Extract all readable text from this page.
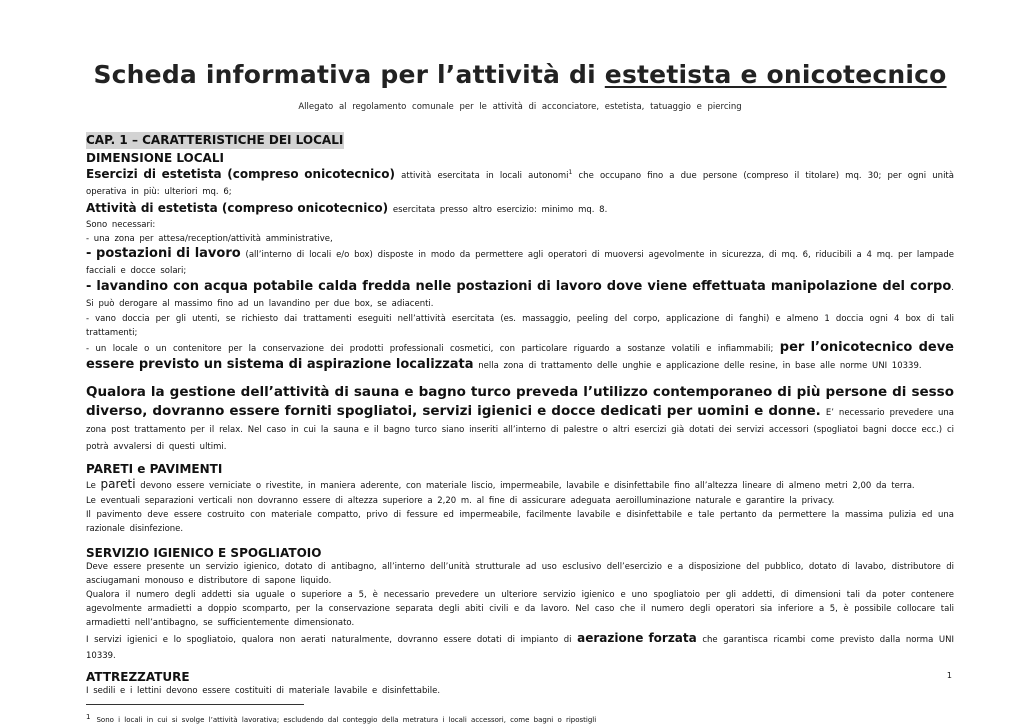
Scheda informativa per l’attività di estetista e onicotecnico
Allegato al regolamento comunale per le attività di acconciatore, estetista, tatuaggio e piercing
CAP. 1 – CARATTERISTICHE DEI LOCALI
DIMENSIONE LOCALI
Esercizi di estetista (compreso onicotecnico) attività esercitata in locali autonomi$^1$ che occupano fino a due persone (compreso il titolare) mq. 30; per ogni unità operativa in più: ulteriori mq. 6;
Attività di estetista (compreso onicotecnico) esercitata presso altro esercizio: minimo mq. 8.
Sono necessari:
- una zona per attesa/reception/attività amministrative,
- postazioni di lavoro (all’interno di locali e/o box) disposte in modo da permettere agli operatori di muoversi agevolmente in sicurezza, di mq. 6, riducibili a 4 mq. per lampade facciali e docce solari;
- lavandino con acqua potabile calda fredda nelle postazioni di lavoro dove viene effettuata manipolazione del corpo. Si può derogare al massimo fino ad un lavandino per due box, se adiacenti.
- vano doccia per gli utenti, se richiesto dai trattamenti eseguiti nell’attività esercitata (es. massaggio, peeling del corpo, applicazione di fanghi) e almeno 1 doccia ogni 4 box di tali trattamenti;
- un locale o un contenitore per la conservazione dei prodotti professionali cosmetici, con particolare riguardo a sostanze volatili e infiammabili; per l’onicotecnico deve essere previsto un sistema di aspirazione localizzata nella zona di trattamento delle unghie e applicazione delle resine, in base alle norme UNI 10339.
Qualora la gestione dell’attività di sauna e bagno turco preveda l’utilizzo contemporaneo di più persone di sesso diverso, dovranno essere forniti spogliatoi, servizi igienici e docce dedicati per uomini e donne. E’ necessario prevedere una zona post trattamento per il relax. Nel caso in cui la sauna e il bagno turco siano inseriti all’interno di palestre o altri esercizi già dotati dei servizi accessori (spogliatoi bagni docce ecc.) ci potrà avvalersi di questi ultimi.
PARETI e PAVIMENTI
Le pareti devono essere verniciate o rivestite, in maniera aderente, con materiale liscio, impermeabile, lavabile e disinfettabile fino all’altezza lineare di almeno metri 2,00 da terra.
Le eventuali separazioni verticali non dovranno essere di altezza superiore a 2,20 m. al fine di assicurare adeguata aeroilluminazione naturale e garantire la privacy.
Il pavimento deve essere costruito con materiale compatto, privo di fessure ed impermeabile, facilmente lavabile e disinfettabile e tale pertanto da permettere la massima pulizia ed una razionale disinfezione.
SERVIZIO IGIENICO E SPOGLIATOIO
Deve essere presente un servizio igienico, dotato di antibagno, all’interno dell’unità strutturale ad uso esclusivo dell’esercizio e a disposizione del pubblico, dotato di lavabo, distributore di asciugamani monouso e distributore di sapone liquido.
Qualora il numero degli addetti sia uguale o superiore a 5, è necessario prevedere un ulteriore servizio igienico e uno spogliatoio per gli addetti, di dimensioni tali da poter contenere agevolmente armadietti a doppio scomparto, per la conservazione separata degli abiti civili e da lavoro. Nel caso che il numero degli operatori sia inferiore a 5, è possibile collocare tali armadietti nell’antibagno, se sufficientemente dimensionato.
I servizi igienici e lo spogliatoio, qualora non aerati naturalmente, dovranno essere dotati di impianto di aerazione forzata che garantisca ricambi come previsto dalla norma UNI 10339.
ATTREZZATURE
I sedili e i lettini devono essere costituiti di materiale lavabile e disinfettabile.
$^1$ Sono i locali in cui si svolge l’attività lavorativa; escludendo dal conteggio della metratura i locali accessori, come bagni o ripostigli
1
